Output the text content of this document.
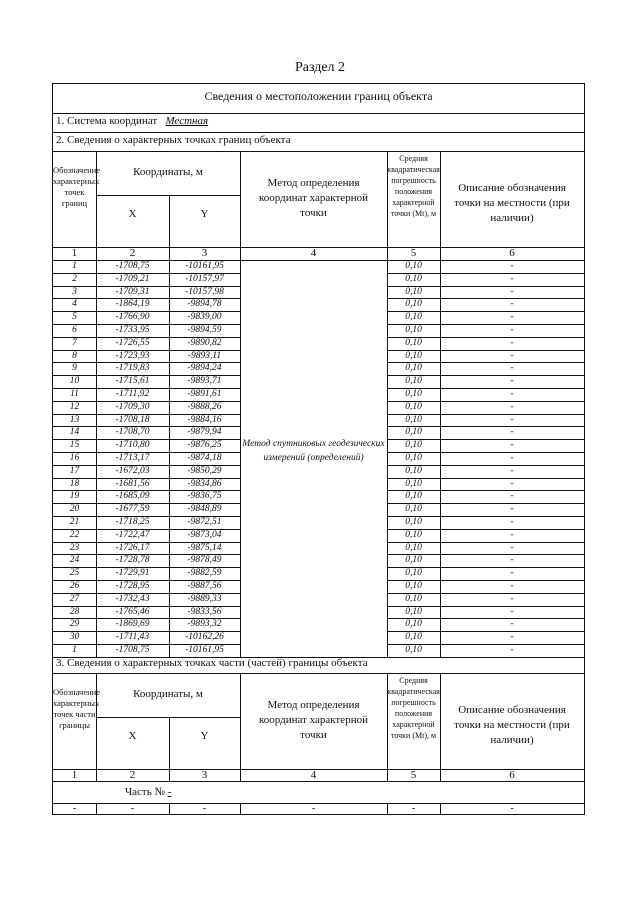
Раздел 2
Сведения о местоположении границ объекта
1. Система координат Местная
2. Сведения о характерных точках границ объекта
Обозначение характерных точек границ
Координаты, м
X	Y
Метод определения координат характерной точки
Средняя квадратическая погрешность положения характерной точки (Mt), м
Описание обозначения точки на местности (при наличии)
1	2	3	4	5	6
1	-1708,75	-10161,95	0,10	-
2	-1709,21	-10157,97	0,10	-
3	-1709,31	-10157,98	0,10	-
4	-1864,19	-9894,78	0,10	-
5	-1766,90	-9839,00	0,10	-
6	-1733,95	-9894,59	0,10	-
7	-1726,55	-9890,82	0,10	-
8	-1723,93	-9893,11	0,10	-
9	-1719,83	-9894,24	0,10	-
10	-1715,61	-9893,71	0,10	-
11	-1711,92	-9891,61	0,10	-
12	-1709,30	-9888,26	0,10	-
13	-1708,18	-9884,16	0,10	-
14	-1708,70	-9879,94	0,10	-
15	-1710,80	-9876,25	0,10	-
16	-1713,17	-9874,18	0,10	-
17	-1672,03	-9850,29	0,10	-
18	-1681,56	-9834,86	0,10	-
19	-1685,09	-9836,75	0,10	-
20	-1677,59	-9848,89	0,10	-
21	-1718,25	-9872,51	0,10	-
22	-1722,47	-9873,04	0,10	-
23	-1726,17	-9875,14	0,10	-
24	-1728,78	-9878,49	0,10	-
25	-1729,91	-9882,59	0,10	-
26	-1728,95	-9887,56	0,10	-
27	-1732,43	-9889,33	0,10	-
28	-1765,46	-9833,56	0,10	-
29	-1869,69	-9893,32	0,10	-
30	-1711,43	-10162,26	0,10	-
1	-1708,75	-10161,95	0,10	-
Метод спутниковых геодезических измерений (определений)
3. Сведения о характерных точках части (частей) границы объекта
Обозначение характерных точек части границы
Координаты, м
X	Y
Метод определения координат характерной точки
Средняя квадратическая погрешность положения характерной точки (Mt), м
Описание обозначения точки на местности (при наличии)
1	2	3	4	5	6
Часть № -
-	-	-	-	-	-
